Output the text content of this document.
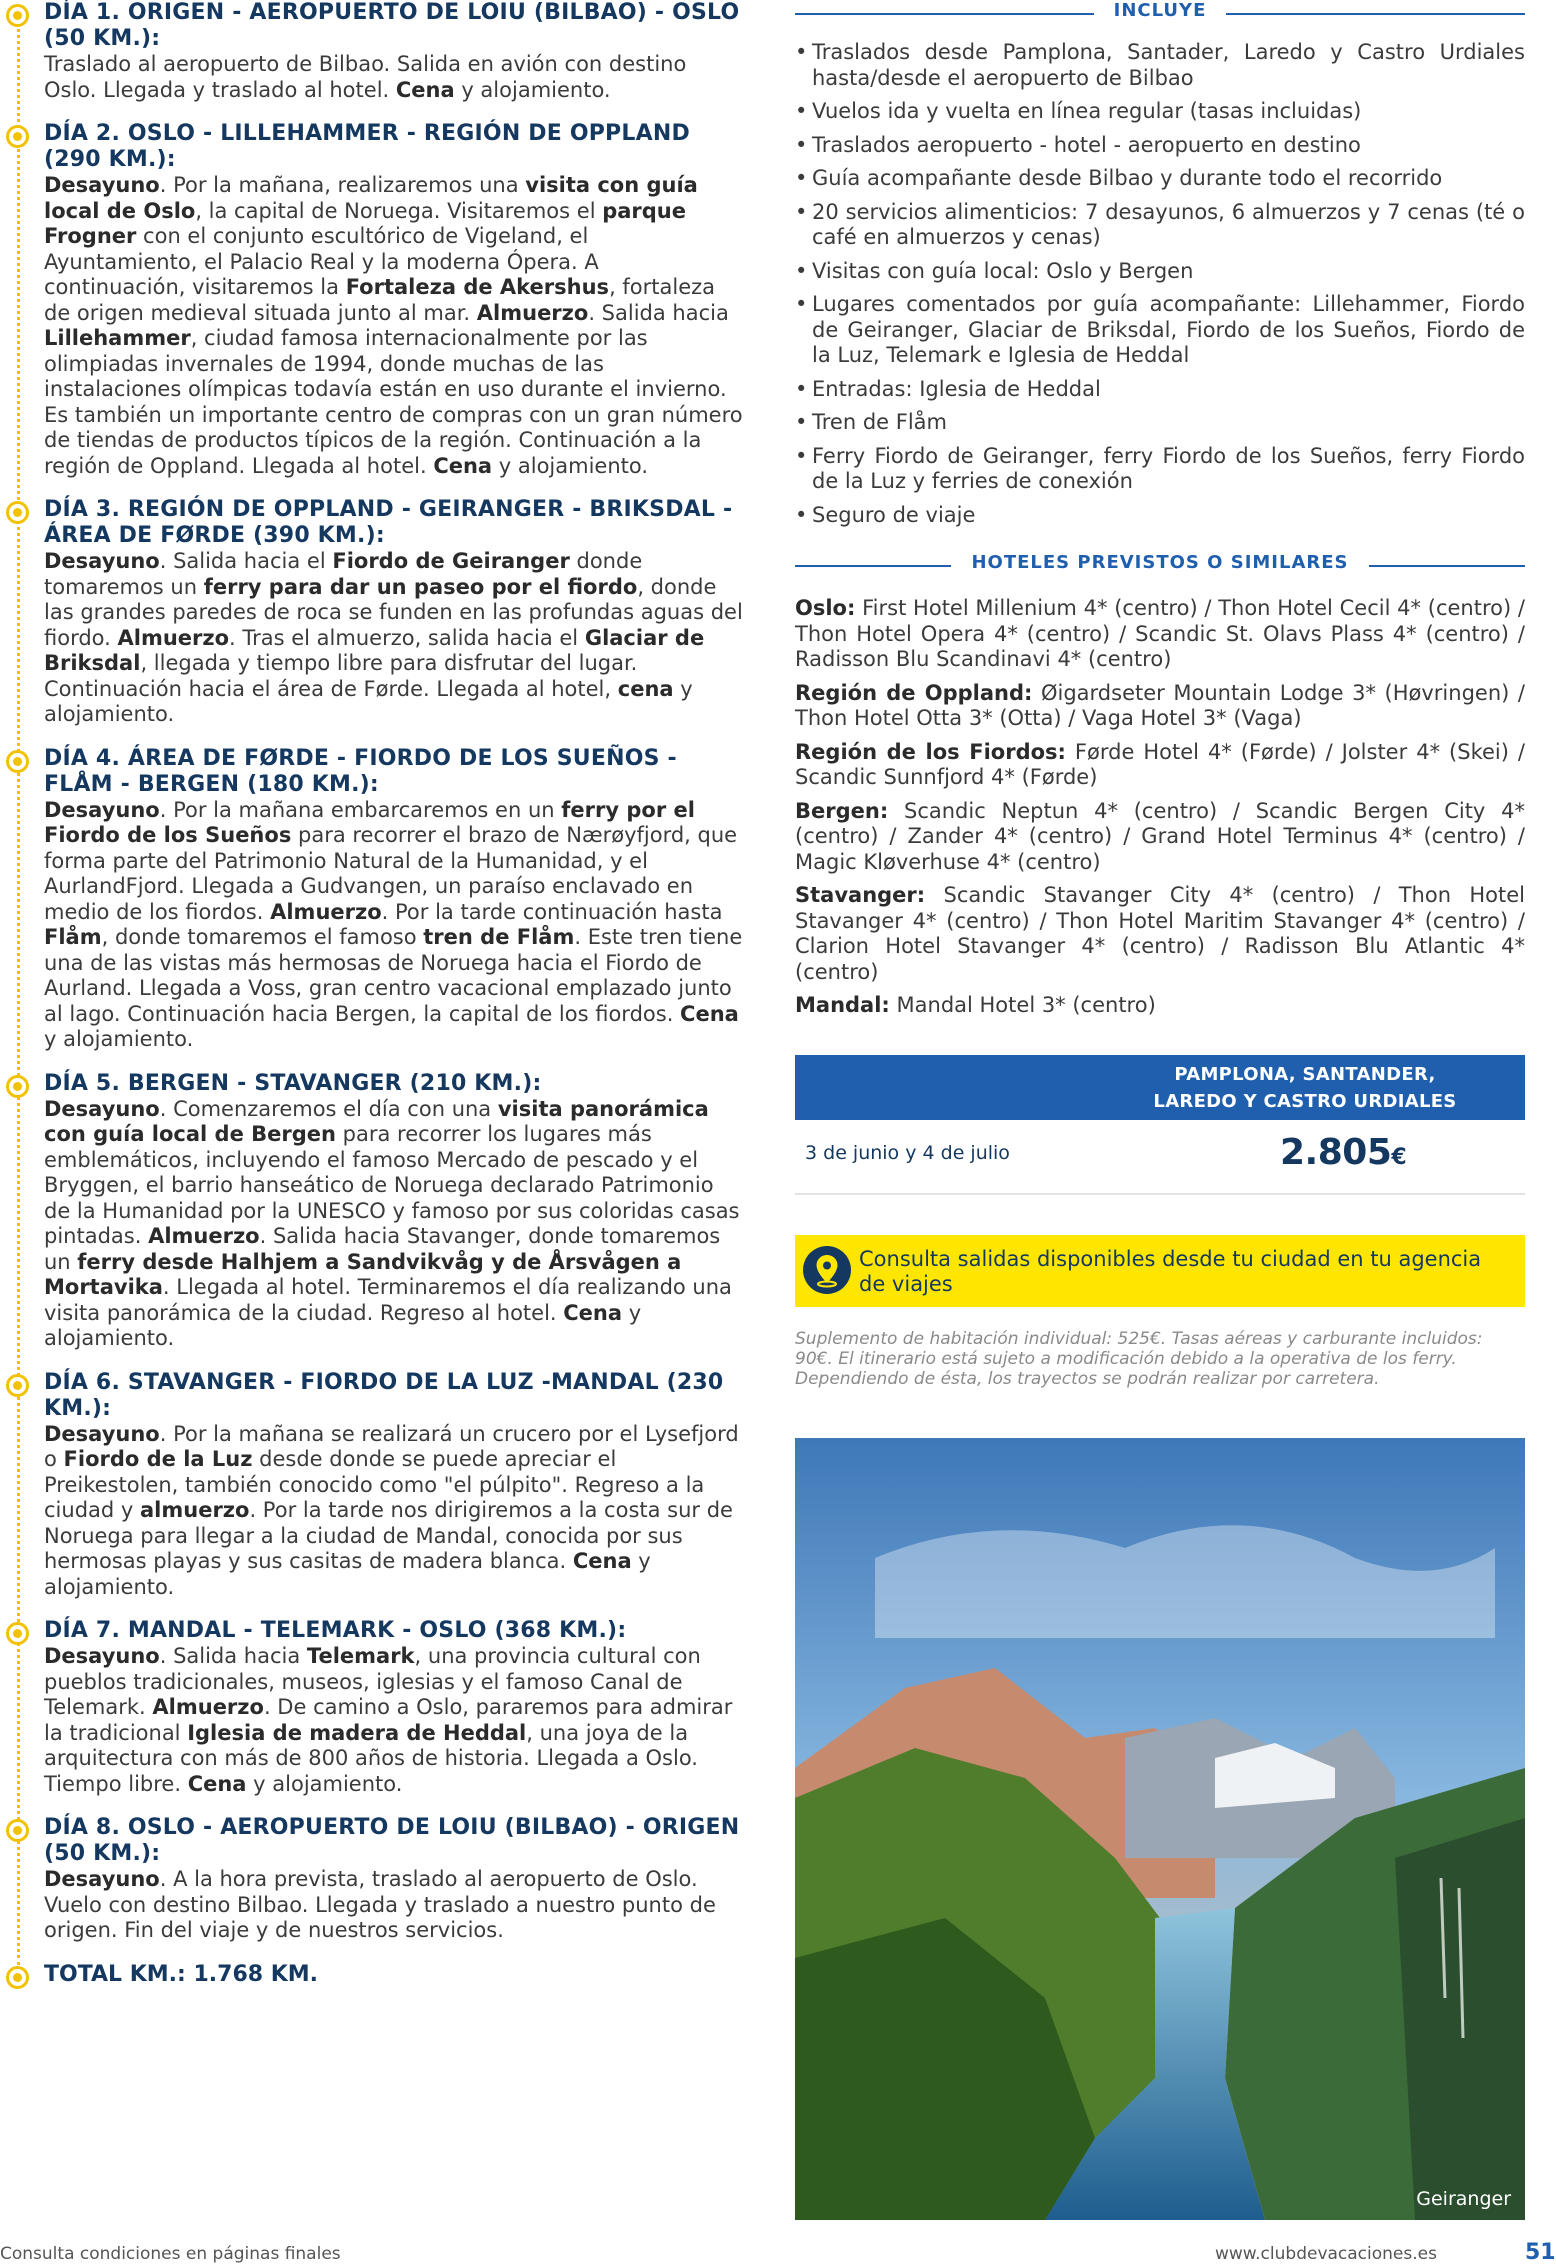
DÍA 1. ORIGEN - AEROPUERTO DE LOIU (BILBAO) - OSLO (50 KM.):
Traslado al aeropuerto de Bilbao. Salida en avión con destino Oslo. Llegada y traslado al hotel. Cena y alojamiento.
DÍA 2. OSLO - LILLEHAMMER - REGIÓN DE OPPLAND (290 KM.):
Desayuno. Por la mañana, realizaremos una visita con guía local de Oslo, la capital de Noruega. Visitaremos el parque Frogner con el conjunto escultórico de Vigeland, el Ayuntamiento, el Palacio Real y la moderna Ópera. A continuación, visitaremos la Fortaleza de Akershus, fortaleza de origen medieval situada junto al mar. Almuerzo. Salida hacia Lillehammer, ciudad famosa internacionalmente por las olimpiadas invernales de 1994, donde muchas de las instalaciones olímpicas todavía están en uso durante el invierno. Es también un importante centro de compras con un gran número de tiendas de productos típicos de la región. Continuación a la región de Oppland. Llegada al hotel. Cena y alojamiento.
DÍA 3. REGIÓN DE OPPLAND - GEIRANGER - BRIKSDAL - ÁREA DE FØRDE (390 KM.):
Desayuno. Salida hacia el Fiordo de Geiranger donde tomaremos un ferry para dar un paseo por el fiordo, donde las grandes paredes de roca se funden en las profundas aguas del fiordo. Almuerzo. Tras el almuerzo, salida hacia el Glaciar de Briksdal, llegada y tiempo libre para disfrutar del lugar. Continuación hacia el área de Førde. Llegada al hotel, cena y alojamiento.
DÍA 4. ÁREA DE FØRDE - FIORDO DE LOS SUEÑOS - FLÅM - BERGEN (180 KM.):
Desayuno. Por la mañana embarcaremos en un ferry por el Fiordo de los Sueños para recorrer el brazo de Nærøyfjord, que forma parte del Patrimonio Natural de la Humanidad, y el AurlandFjord. Llegada a Gudvangen, un paraíso enclavado en medio de los fiordos. Almuerzo. Por la tarde continuación hasta Flåm, donde tomaremos el famoso tren de Flåm. Este tren tiene una de las vistas más hermosas de Noruega hacia el Fiordo de Aurland. Llegada a Voss, gran centro vacacional emplazado junto al lago. Continuación hacia Bergen, la capital de los fiordos. Cena y alojamiento.
DÍA 5. BERGEN - STAVANGER (210 KM.):
Desayuno. Comenzaremos el día con una visita panorámica con guía local de Bergen para recorrer los lugares más emblemáticos, incluyendo el famoso Mercado de pescado y el Bryggen, el barrio hanseático de Noruega declarado Patrimonio de la Humanidad por la UNESCO y famoso por sus coloridas casas pintadas. Almuerzo. Salida hacia Stavanger, donde tomaremos un ferry desde Halhjem a Sandvikvåg y de Årsvågen a Mortavika. Llegada al hotel. Terminaremos el día realizando una visita panorámica de la ciudad. Regreso al hotel. Cena y alojamiento.
DÍA 6. STAVANGER - FIORDO DE LA LUZ -MANDAL (230 KM.):
Desayuno. Por la mañana se realizará un crucero por el Lysefjord o Fiordo de la Luz desde donde se puede apreciar el Preikestolen, también conocido como "el púlpito". Regreso a la ciudad y almuerzo. Por la tarde nos dirigiremos a la costa sur de Noruega para llegar a la ciudad de Mandal, conocida por sus hermosas playas y sus casitas de madera blanca. Cena y alojamiento.
DÍA 7. MANDAL - TELEMARK - OSLO (368 KM.):
Desayuno. Salida hacia Telemark, una provincia cultural con pueblos tradicionales, museos, iglesias y el famoso Canal de Telemark. Almuerzo. De camino a Oslo, pararemos para admirar la tradicional Iglesia de madera de Heddal, una joya de la arquitectura con más de 800 años de historia. Llegada a Oslo. Tiempo libre. Cena y alojamiento.
DÍA 8. OSLO - AEROPUERTO DE LOIU (BILBAO) - ORIGEN (50 KM.):
Desayuno. A la hora prevista, traslado al aeropuerto de Oslo. Vuelo con destino Bilbao. Llegada y traslado a nuestro punto de origen. Fin del viaje y de nuestros servicios.
TOTAL KM.: 1.768 KM.
INCLUYE
• Traslados desde Pamplona, Santader, Laredo y Castro Urdiales hasta/desde el aeropuerto de Bilbao
• Vuelos ida y vuelta en línea regular (tasas incluidas)
• Traslados aeropuerto - hotel - aeropuerto en destino
• Guía acompañante desde Bilbao y durante todo el recorrido
• 20 servicios alimenticios: 7 desayunos, 6 almuerzos y 7 cenas (té o café en almuerzos y cenas)
• Visitas con guía local: Oslo y Bergen
• Lugares comentados por guía acompañante: Lillehammer, Fiordo de Geiranger, Glaciar de Briksdal, Fiordo de los Sueños, Fiordo de la Luz, Telemark e Iglesia de Heddal
• Entradas: Iglesia de Heddal
• Tren de Flåm
• Ferry Fiordo de Geiranger, ferry Fiordo de los Sueños, ferry Fiordo de la Luz y ferries de conexión
• Seguro de viaje
HOTELES PREVISTOS O SIMILARES
Oslo: First Hotel Millenium 4* (centro) / Thon Hotel Cecil 4* (centro) / Thon Hotel Opera 4* (centro) / Scandic St. Olavs Plass 4* (centro) / Radisson Blu Scandinavi 4* (centro)
Región de Oppland: Øigardseter Mountain Lodge 3* (Høvringen) / Thon Hotel Otta 3* (Otta) / Vaga Hotel 3* (Vaga)
Región de los Fiordos: Førde Hotel 4* (Førde) / Jolster 4* (Skei) / Scandic Sunnfjord 4* (Førde)
Bergen: Scandic Neptun 4* (centro) / Scandic Bergen City 4* (centro) / Zander 4* (centro) / Grand Hotel Terminus 4* (centro) / Magic Kløverhuse 4* (centro)
Stavanger: Scandic Stavanger City 4* (centro) / Thon Hotel Stavanger 4* (centro) / Thon Hotel Maritim Stavanger 4* (centro) / Clarion Hotel Stavanger 4* (centro) / Radisson Blu Atlantic 4* (centro)
Mandal: Mandal Hotel 3* (centro)
PAMPLONA, SANTANDER,
LAREDO Y CASTRO URDIALES
3 de junio y 4 de julio	2.805€
Consulta salidas disponibles desde tu ciudad en tu agencia de viajes

Suplemento de habitación individual: 525€. Tasas aéreas y carburante incluidos: 90€. El itinerario está sujeto a modificación debido a la operativa de los ferry. Dependiendo de ésta, los trayectos se podrán realizar por carretera.

Geiranger
Consulta condiciones en páginas finales	www.clubdevacaciones.es	51
